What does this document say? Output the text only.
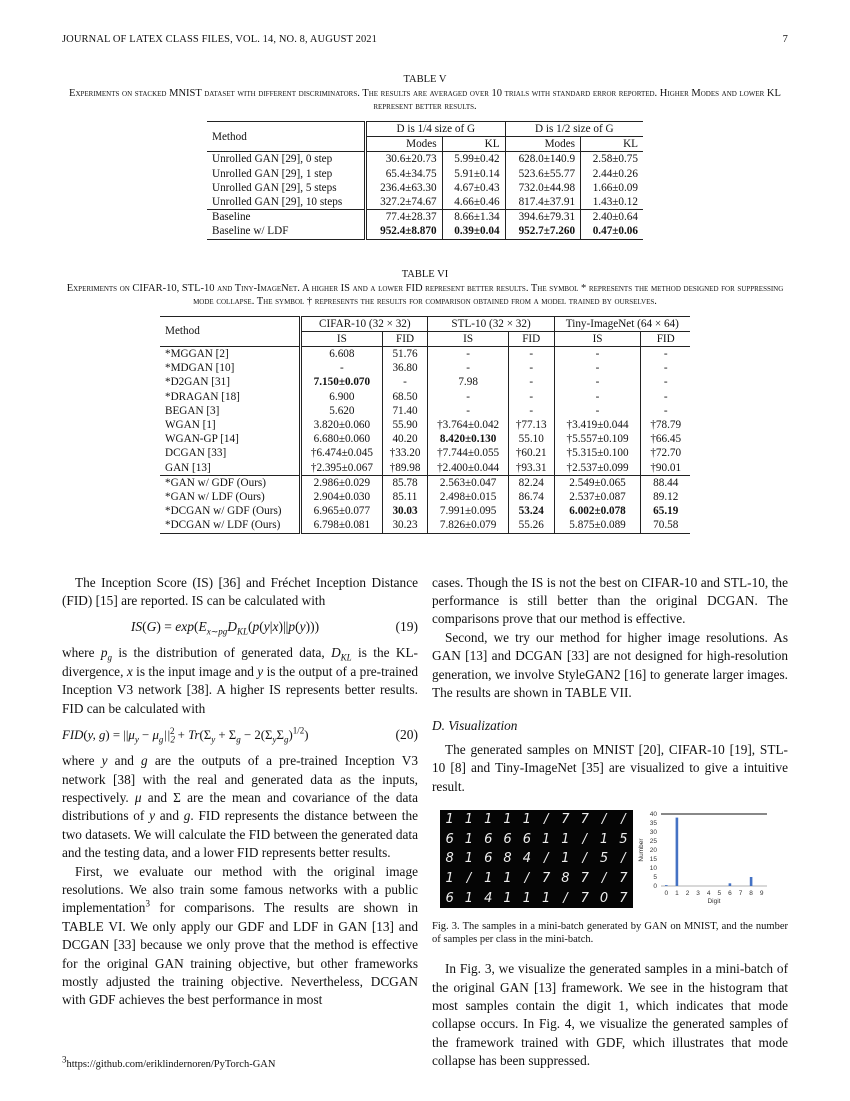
JOURNAL OF LATEX CLASS FILES, VOL. 14, NO. 8, AUGUST 2021	7
TABLE V
Experiments on stacked MNIST dataset with different discriminators. The results are averaged over 10 trials with standard error reported. Higher Modes and lower KL represent better results.
Method	D is 1/4 size of G		D is 1/2 size of G	
	Modes	KL	Modes	KL
Unrolled GAN [29], 0 step	30.6±20.73	5.99±0.42	628.0±140.9	2.58±0.75
Unrolled GAN [29], 1 step	65.4±34.75	5.91±0.14	523.6±55.77	2.44±0.26
Unrolled GAN [29], 5 steps	236.4±63.30	4.67±0.43	732.0±44.98	1.66±0.09
Unrolled GAN [29], 10 steps	327.2±74.67	4.66±0.46	817.4±37.91	1.43±0.12
Baseline	77.4±28.37	8.66±1.34	394.6±79.31	2.40±0.64
Baseline w/ LDF	952.4±8.870	0.39±0.04	952.7±7.260	0.47±0.06
TABLE VI
Experiments on CIFAR-10, STL-10 and Tiny-ImageNet. A higher IS and a lower FID represent better results. The symbol * represents the method designed for suppressing mode collapse. The symbol † represents the results for comparison obtained from a model trained by ourselves.
Method	CIFAR-10 (32 × 32)		STL-10 (32 × 32)		Tiny-ImageNet (64 × 64)	
	IS	FID	IS	FID	IS	FID
*MGGAN [2]	6.608	51.76	-	-	-	-
*MDGAN [10]	-	36.80	-	-	-	-
*D2GAN [31]	7.150±0.070	-	7.98	-	-	-
*DRAGAN [18]	6.900	68.50	-	-	-	-
BEGAN [3]	5.620	71.40	-	-	-	-
WGAN [1]	3.820±0.060	55.90	†3.764±0.042	†77.13	†3.419±0.044	†78.79
WGAN-GP [14]	6.680±0.060	40.20	8.420±0.130	55.10	†5.557±0.109	†66.45
DCGAN [33]	†6.474±0.045	†33.20	†7.744±0.055	†60.21	†5.315±0.100	†72.70
GAN [13]	†2.395±0.067	†89.98	†2.400±0.044	†93.31	†2.537±0.099	†90.01
*GAN w/ GDF (Ours)	2.986±0.029	85.78	2.563±0.047	82.24	2.549±0.065	88.44
*GAN w/ LDF (Ours)	2.904±0.030	85.11	2.498±0.015	86.74	2.537±0.087	89.12
*DCGAN w/ GDF (Ours)	6.965±0.077	30.03	7.991±0.095	53.24	6.002±0.078	65.19
*DCGAN w/ LDF (Ours)	6.798±0.081	30.23	7.826±0.079	55.26	5.875±0.089	70.58

The Inception Score (IS) [36] and Fréchet Inception Distance (FID) [15] are reported. IS can be calculated with

$IS(G) = \exp(E_{x\sim pg}D_{KL}(p(y|x)||p(y)))$	(19)

where $p_g$ is the distribution of generated data, $D_{KL}$ is the KL-divergence, x is the input image and y is the output of a pre-trained Inception V3 network [38]. A higher IS represents better results. FID can be calculated with

FID(y, $g) = ||\mu_y - \mu_g||_2^2 + Tr(\Sigma_y + \Sigma_g - 2(\Sigma_y\Sigma_g)^{1/2})$	(20)

where y and g are the outputs of a pre-trained Inception V3 network [38] with the real and generated data as the inputs, respectively. μ and Σ are the mean and covariance of the data distributions of y and g. FID represents the distance between the two datasets. We will calculate the FID between the generated data and the testing data, and a lower FID represents better results.

First, we evaluate our method with the original image resolutions. We also train some famous networks with a public implementation$^3$ for comparisons. The results are shown in TABLE VI. We only apply our GDF and LDF in GAN [13] and DCGAN [33] because we only prove that the method is effective for the original GAN training objective, but other frameworks mostly adjusted the training objective. Nevertheless, DCGAN with GDF achieves the best performance in most

$^3$https://github.com/eriklindernoren/PyTorch-GAN

cases. Though the IS is not the best on CIFAR-10 and STL-10, the performance is still better than the original DCGAN. The comparisons prove that our method is effective.

Second, we try our method for higher image resolutions. As GAN [13] and DCGAN [33] are not designed for high-resolution generation, we involve StyleGAN2 [16] to generate larger images. The results are shown in TABLE VII.

D. Visualization

The generated samples on MNIST [20], CIFAR-10 [19], STL-10 [8] and Tiny-ImageNet [35] are visualized to give a intuitive result.

1 1 1 1 1 / 7 7 /	/
6 1 6 6 6 1 1 / 1 5
8 1 6 8 4 / 1 / 5 /
1 / 1 1 / 7 8 7 / 7
6 1 4 1 1 1 / 7 0 7
0
5
10
15
20
25
30
35
40
0 1 2 3 4 5 6 7 8 9
Digit
Number
Fig. 3. The samples in a mini-batch generated by GAN on MNIST, and the number of samples per class in the mini-batch.

In Fig. 3, we visualize the generated samples in a mini-batch of the original GAN [13] framework. We see in the histogram that most samples contain the digit 1, which indicates that mode collapse occurs. In Fig. 4, we visualize the generated samples of the framework trained with GDF, which illustrates that mode collapse has been suppressed.
